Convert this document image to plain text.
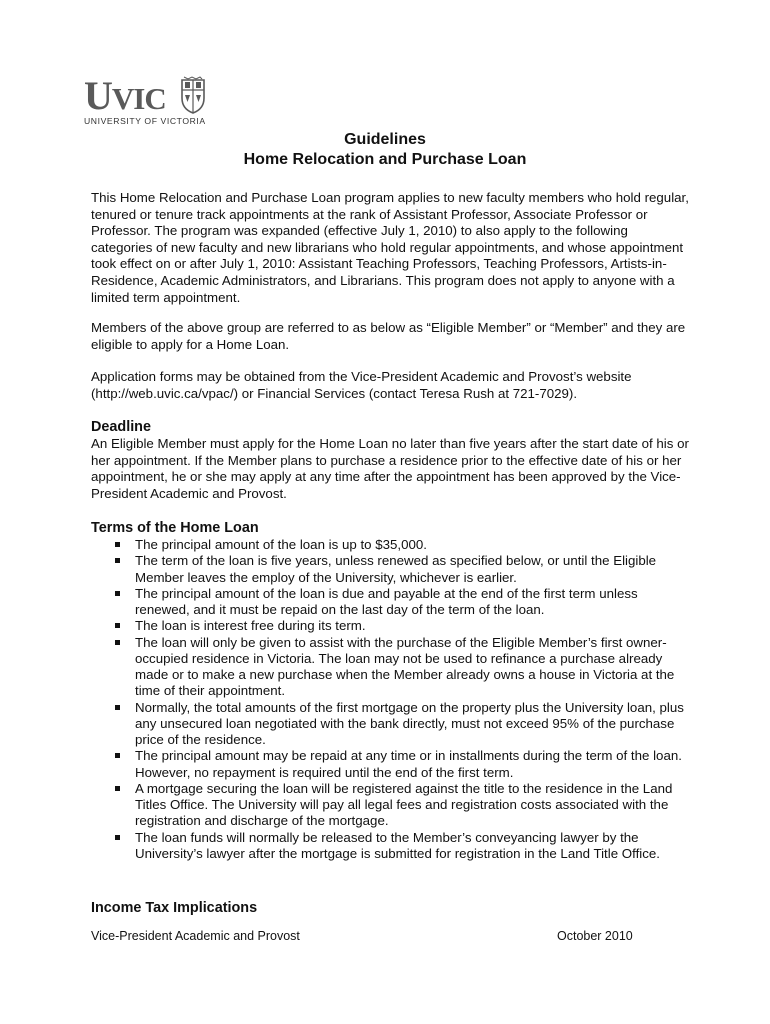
UVIC
UNIVERSITY OF VICTORIA
Guidelines
Home Relocation and Purchase Loan
This Home Relocation and Purchase Loan program applies to new faculty members who hold regular, tenured or tenure track appointments at the rank of Assistant Professor, Associate Professor or Professor. The program was expanded (effective July 1, 2010) to also apply to the following categories of new faculty and new librarians who hold regular appointments, and whose appointment took effect on or after July 1, 2010: Assistant Teaching Professors, Teaching Professors, Artists-in-Residence, Academic Administrators, and Librarians. This program does not apply to anyone with a limited term appointment.
Members of the above group are referred to as below as “Eligible Member” or “Member” and they are eligible to apply for a Home Loan.
Application forms may be obtained from the Vice-President Academic and Provost’s website (http://web.uvic.ca/vpac/) or Financial Services (contact Teresa Rush at 721-7029).
Deadline
An Eligible Member must apply for the Home Loan no later than five years after the start date of his or her appointment. If the Member plans to purchase a residence prior to the effective date of his or her appointment, he or she may apply at any time after the appointment has been approved by the Vice-President Academic and Provost.
Terms of the Home Loan
The principal amount of the loan is up to $35,000.
The term of the loan is five years, unless renewed as specified below, or until the Eligible Member leaves the employ of the University, whichever is earlier.
The principal amount of the loan is due and payable at the end of the first term unless renewed, and it must be repaid on the last day of the term of the loan.
The loan is interest free during its term.
The loan will only be given to assist with the purchase of the Eligible Member’s first owner-occupied residence in Victoria. The loan may not be used to refinance a purchase already made or to make a new purchase when the Member already owns a house in Victoria at the time of their appointment.
Normally, the total amounts of the first mortgage on the property plus the University loan, plus any unsecured loan negotiated with the bank directly, must not exceed 95% of the purchase price of the residence.
The principal amount may be repaid at any time or in installments during the term of the loan. However, no repayment is required until the end of the first term.
A mortgage securing the loan will be registered against the title to the residence in the Land Titles Office. The University will pay all legal fees and registration costs associated with the registration and discharge of the mortgage.
The loan funds will normally be released to the Member’s conveyancing lawyer by the University’s lawyer after the mortgage is submitted for registration in the Land Title Office.
Income Tax Implications
Vice-President Academic and Provost	October 2010
